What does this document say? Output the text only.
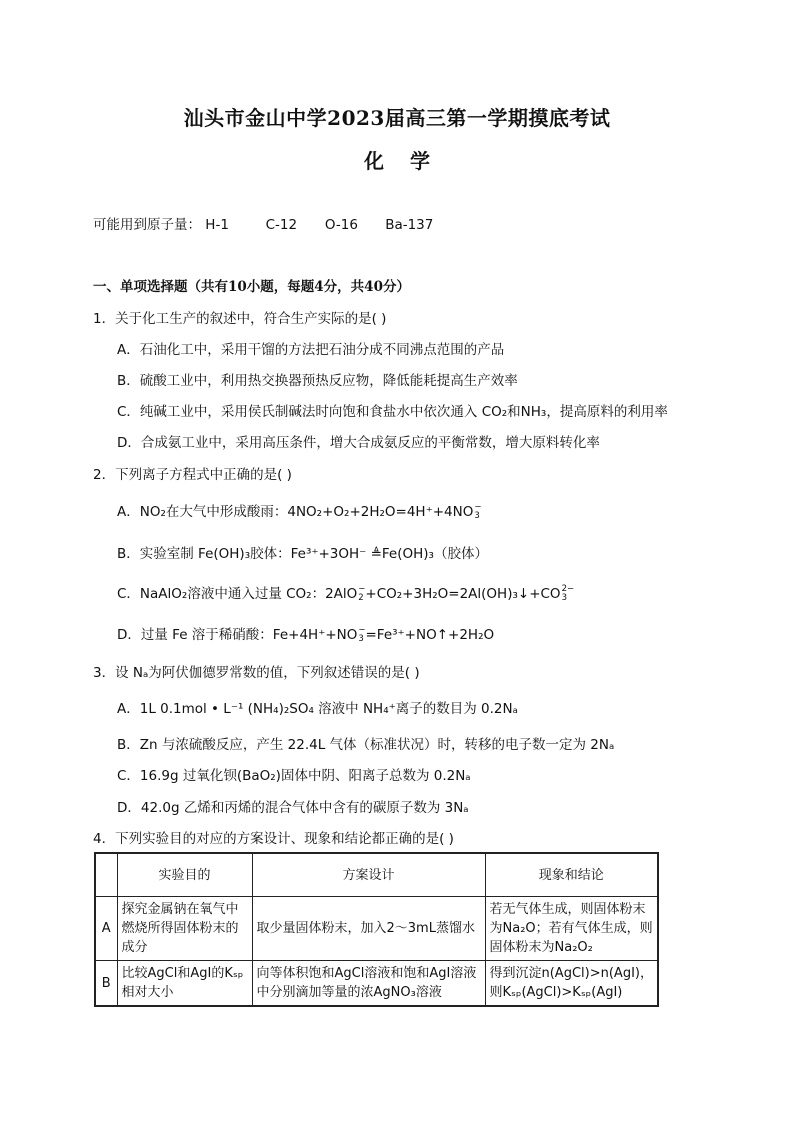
汕头市金山中学2023届高三第一学期摸底考试
化学
可能用到原子量： H-1	C-12 O-16 Ba-137
一、单项选择题（共有10小题，每题4分，共40分）
1．关于化工生产的叙述中，符合生产实际的是( )
A．石油化工中，采用干馏的方法把石油分成不同沸点范围的产品
B．硫酸工业中，利用热交换器预热反应物，降低能耗提高生产效率
C．纯碱工业中，采用侯氏制碱法时向饱和食盐水中依次通入 CO₂和NH₃，提高原料的利用率
D．合成氨工业中，采用高压条件，增大合成氨反应的平衡常数，增大原料转化率
2．下列离子方程式中正确的是( )
A．NO₂在大气中形成酸雨：4NO₂+O₂+2H₂O=4H⁺+4NO −
3
B．实验室制 Fe(OH)₃胶体：Fe³⁺+3OH⁻ ≜Fe(OH)₃（胶体）
C．NaAlO₂溶液中通入过量 CO₂：2AlO −
2 +CO₂+3H₂O=2Al(OH)₃↓+CO 2−
3
D．过量 Fe 溶于稀硝酸：Fe+4H⁺+NO −
3 =Fe³⁺+NO↑+2H₂O
3．设 Nₐ为阿伏伽德罗常数的值，下列叙述错误的是( )
A．1L 0.1mol • L⁻¹ (NH₄)₂SO₄ 溶液中 NH₄⁺离子的数目为 0.2Nₐ
B．Zn 与浓硫酸反应，产生 22.4L 气体（标准状况）时，转移的电子数一定为 2Nₐ
C．16.9g 过氧化钡(BaO₂)固体中阴、阳离子总数为 0.2Nₐ
D．42.0g 乙烯和丙烯的混合气体中含有的碳原子数为 3Nₐ
4．下列实验目的对应的方案设计、现象和结论都正确的是( )
	实验目的	方案设计	现象和结论
A	探究金属钠在氧气中燃烧所得固体粉末的成分	取少量固体粉末，加入2～3mL蒸馏水	若无气体生成，则固体粉末为Na₂O；若有气体生成，则固体粉末为Na₂O₂
B	比较AgCl和AgI的Kₛₚ相对大小	向等体积饱和AgCl溶液和饱和AgI溶液中分别滴加等量的浓AgNO₃溶液	得到沉淀n(AgCl)>n(AgI)，则Kₛₚ(AgCl)>Kₛₚ(AgI)
